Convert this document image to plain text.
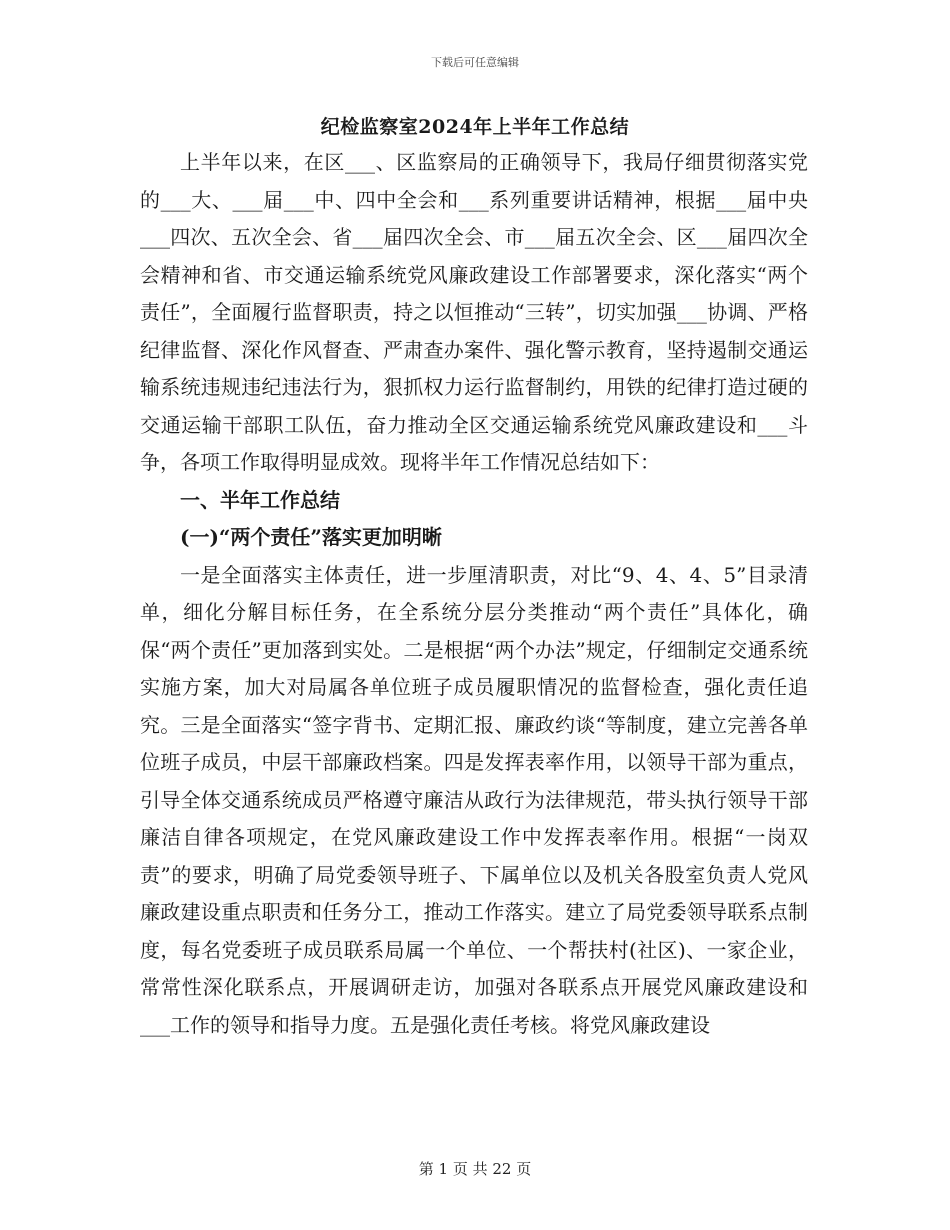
下载后可任意编辑
纪检监察室2024年上半年工作总结

上半年以来，在区___、区监察局的正确领导下，我局仔细贯彻落实党的___大、___届___中、四中全会和___系列重要讲话精神，根据___届中央___四次、五次全会、省___届四次全会、市___届五次全会、区___届四次全会精神和省、市交通运输系统党风廉政建设工作部署要求，深化落实“两个责任”，全面履行监督职责，持之以恒推动“三转”，切实加强___协调、严格纪律监督、深化作风督查、严肃查办案件、强化警示教育，坚持遏制交通运输系统违规违纪违法行为，狠抓权力运行监督制约，用铁的纪律打造过硬的交通运输干部职工队伍，奋力推动全区交通运输系统党风廉政建设和___斗争，各项工作取得明显成效。现将半年工作情况总结如下：

一、半年工作总结

(一)“两个责任”落实更加明晰

一是全面落实主体责任，进一步厘清职责，对比“9、4、4、5”目录清单，细化分解目标任务，在全系统分层分类推动“两个责任”具体化，确保“两个责任”更加落到实处。二是根据“两个办法”规定，仔细制定交通系统实施方案，加大对局属各单位班子成员履职情况的监督检查，强化责任追究。三是全面落实“签字背书、定期汇报、廉政约谈“等制度，建立完善各单位班子成员，中层干部廉政档案。四是发挥表率作用，以领导干部为重点，引导全体交通系统成员严格遵守廉洁从政行为法律规范，带头执行领导干部廉洁自律各项规定，在党风廉政建设工作中发挥表率作用。根据“一岗双责”的要求，明确了局党委领导班子、下属单位以及机关各股室负责人党风廉政建设重点职责和任务分工，推动工作落实。建立了局党委领导联系点制度，每名党委班子成员联系局属一个单位、一个帮扶村(社区)、一家企业，常常性深化联系点，开展调研走访，加强对各联系点开展党风廉政建设和___工作的领导和指导力度。五是强化责任考核。将党风廉政建设

第 1 页 共 22 页
